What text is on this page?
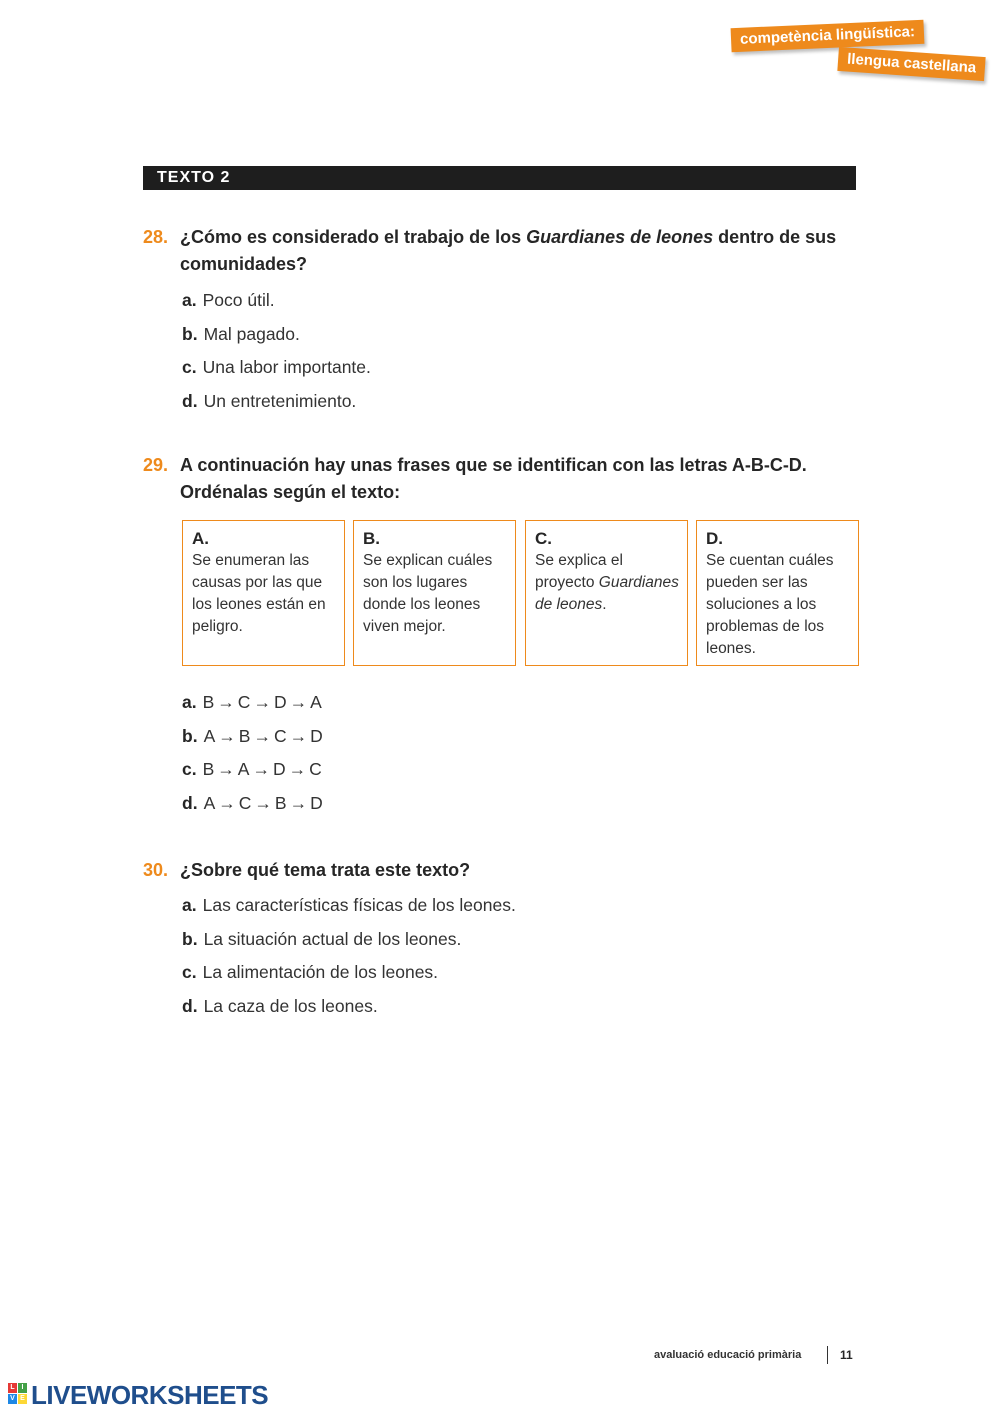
competència lingüística:
llengua castellana
TEXTO 2
28. ¿Cómo es considerado el trabajo de los Guardianes de leones dentro de sus comunidades?
a. Poco útil.
b. Mal pagado.
c. Una labor importante.
d. Un entretenimiento.
29. A continuación hay unas frases que se identifican con las letras A-B-C-D. Ordénalas según el texto:
A.
Se enumeran las causas por las que los leones están en peligro.
B.
Se explican cuáles son los lugares donde los leones viven mejor.
C.
Se explica el proyecto Guardianes de leones.
D.
Se cuentan cuáles pueden ser las soluciones a los problemas de los leones.
a. B → C → D → A
b. A → B → C → D
c. B → A → D → C
d. A → C → B → D
30. ¿Sobre qué tema trata este texto?
a. Las características físicas de los leones.
b. La situación actual de los leones.
c. La alimentación de los leones.
d. La caza de los leones.
avaluació educació primària	11
L I
V E LIVEWORKSHEETS
